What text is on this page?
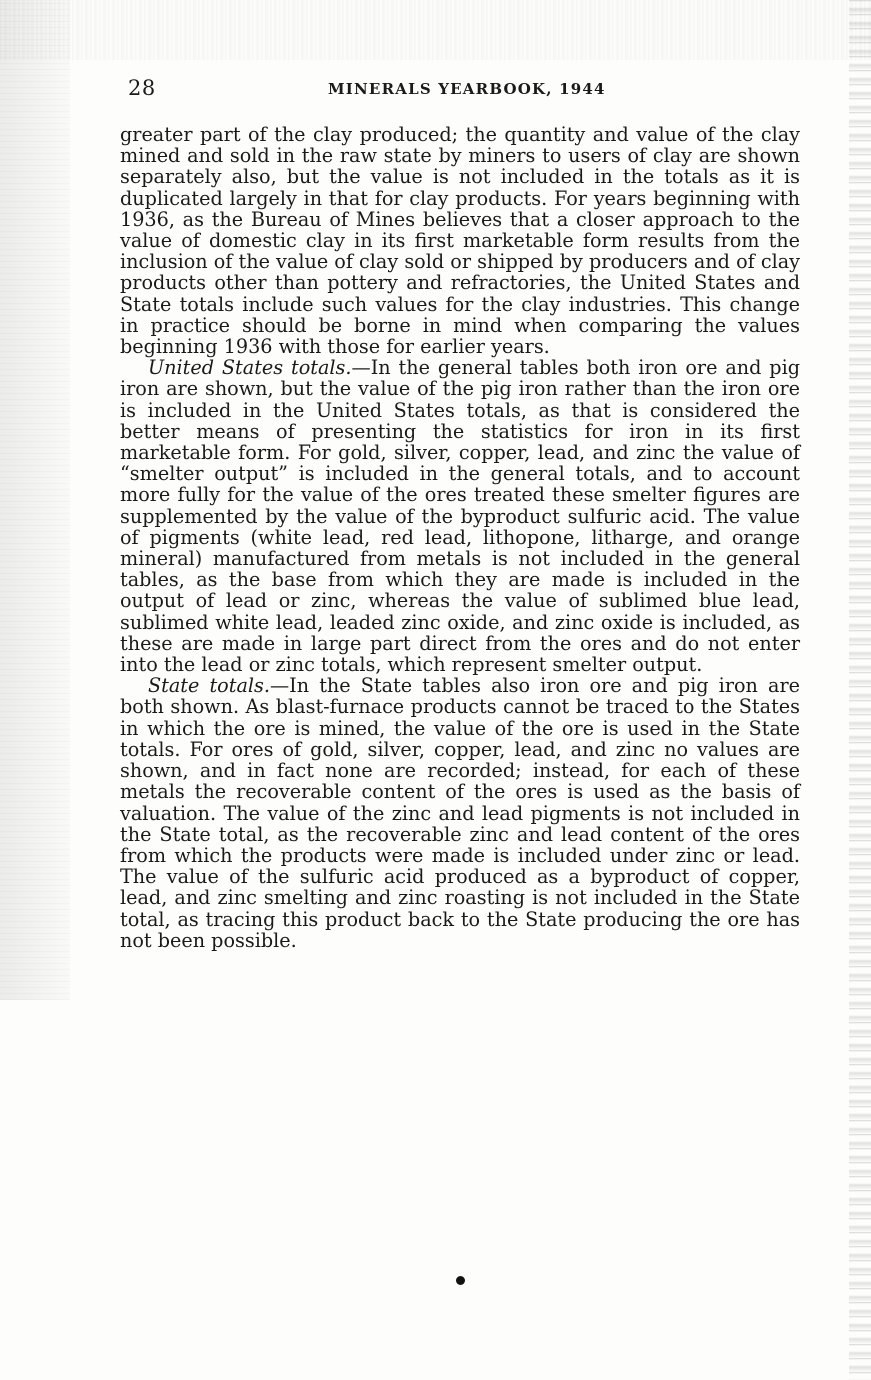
28	MINERALS YEARBOOK, 1944

greater part of the clay produced; the quantity and value of the clay mined and sold in the raw state by miners to users of clay are shown separately also, but the value is not included in the totals as it is duplicated largely in that for clay products. For years beginning with 1936, as the Bureau of Mines believes that a closer approach to the value of domestic clay in its first marketable form results from the inclusion of the value of clay sold or shipped by producers and of clay products other than pottery and refractories, the United States and State totals include such values for the clay industries. This change in practice should be borne in mind when comparing the values beginning 1936 with those for earlier years.

United States totals.—In the general tables both iron ore and pig iron are shown, but the value of the pig iron rather than the iron ore is included in the United States totals, as that is considered the better means of presenting the statistics for iron in its first marketable form. For gold, silver, copper, lead, and zinc the value of “smelter output” is included in the general totals, and to account more fully for the value of the ores treated these smelter figures are supplemented by the value of the byproduct sulfuric acid. The value of pigments (white lead, red lead, lithopone, litharge, and orange mineral) manufactured from metals is not included in the general tables, as the base from which they are made is included in the output of lead or zinc, whereas the value of sublimed blue lead, sublimed white lead, leaded zinc oxide, and zinc oxide is included, as these are made in large part direct from the ores and do not enter into the lead or zinc totals, which represent smelter output.

State totals.—In the State tables also iron ore and pig iron are both shown. As blast-furnace products cannot be traced to the States in which the ore is mined, the value of the ore is used in the State totals. For ores of gold, silver, copper, lead, and zinc no values are shown, and in fact none are recorded; instead, for each of these metals the recoverable content of the ores is used as the basis of valuation. The value of the zinc and lead pigments is not included in the State total, as the recoverable zinc and lead content of the ores from which the products were made is included under zinc or lead. The value of the sulfuric acid produced as a byproduct of copper, lead, and zinc smelting and zinc roasting is not included in the State total, as tracing this product back to the State producing the ore has not been possible.
